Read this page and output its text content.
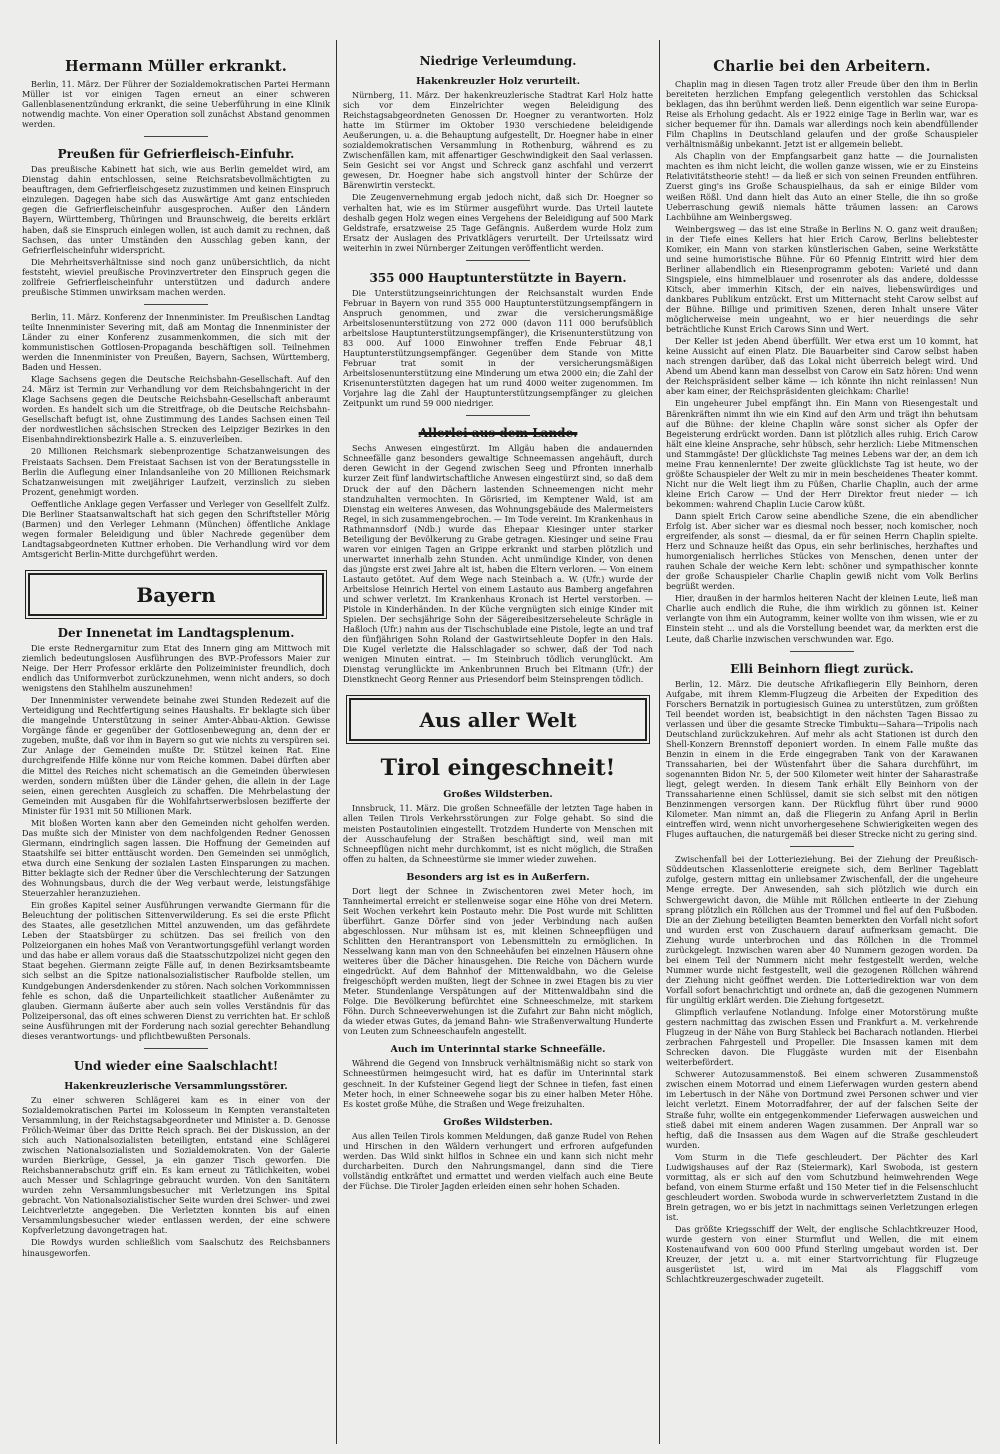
Hermann Müller erkrankt.

Berlin, 11. März. Der Führer der Sozialdemokratischen Partei Hermann Müller ist vor einigen Tagen erneut an einer schweren Gallenblasenentzündung erkrankt, die seine Ueberführung in eine Klinik notwendig machte. Von einer Operation soll zunächst Abstand genommen werden.

Preußen für Gefrierfleisch-Einfuhr.

Das preußische Kabinett hat sich, wie aus Berlin gemeldet wird, am Dienstag dahin entschlossen, seine Reichsratsbevollmächtigten zu beauftragen, dem Gefrierfleischgesetz zuzustimmen und keinen Einspruch einzulegen. Dagegen habe sich das Auswärtige Amt ganz entschieden gegen die Gefrierfleischeinfuhr ausgesprochen. Außer den Ländern Bayern, Württemberg, Thüringen und Braunschweig, die bereits erklärt haben, daß sie Einspruch einlegen wollen, ist auch damit zu rechnen, daß Sachsen, das unter Umständen den Ausschlag geben kann, der Gefrierfleischeinfuhr widerspricht.

Die Mehrheitsverhältnisse sind noch ganz unübersichtlich, da nicht feststeht, wieviel preußische Provinzvertreter den Einspruch gegen die zollfreie Gefrierfleischeinfuhr unterstützen und dadurch andere preußische Stimmen unwirksam machen werden.

Berlin, 11. März. Konferenz der Innenminister. Im Preußischen Landtag teilte Innenminister Severing mit, daß am Montag die Innenminister der Länder zu einer Konferenz zusammenkommen, die sich mit der kommunistischen Gottlosen-Propaganda beschäftigen soll. Teilnehmen werden die Innenminister von Preußen, Bayern, Sachsen, Württemberg, Baden und Hessen.

Klage Sachsens gegen die Deutsche Reichsbahn-Gesellschaft. Auf den 24. März ist Termin zur Verhandlung vor dem Reichsbahngericht in der Klage Sachsens gegen die Deutsche Reichsbahn-Gesellschaft anberaumt worden. Es handelt sich um die Streitfrage, ob die Deutsche Reichsbahn-Gesellschaft befugt ist, ohne Zustimmung des Landes Sachsen einen Teil der nordwestlichen sächsischen Strecken des Leipziger Bezirkes in den Eisenbahndirektionsbezirk Halle a. S. einzuverleiben.

20 Millionen Reichsmark siebenprozentige Schatzanweisungen des Freistaats Sachsen. Dem Freistaat Sachsen ist von der Beratungsstelle in Berlin die Auflegung einer Inlandsanleihe von 20 Millionen Reichsmark Schatzanweisungen mit zweijähriger Laufzeit, verzinslich zu sieben Prozent, genehmigt worden.

Oeffentliche Anklage gegen Verfasser und Verleger von Gesellfelt Zulfz. Die Berliner Staatsanwaltschaft hat sich gegen den Schriftsteller Mörig (Barmen) und den Verleger Lehmann (München) öffentliche Anklage wegen formaler Beleidigung und übler Nachrede gegenüber dem Landtagsabgeordneten Kuttner erhoben. Die Verhandlung wird vor dem Amtsgericht Berlin-Mitte durchgeführt werden.

Bayern
Der Innenetat im Landtagsplenum.

Die erste Rednergarnitur zum Etat des Innern ging am Mittwoch mit ziemlich bedeutungslosen Ausführungen des BVP.-Professors Maier zur Neige. Der Herr Professor erklärte den Polizeiminister freundlich, doch endlich das Uniformverbot zurückzunehmen, wenn nicht anders, so doch wenigstens den Stahlhelm auszunehmen!

Der Innenminister verwendete beinahe zwei Stunden Redezeit auf die Verteidigung und Rechtfertigung seines Haushalts. Er beklagte sich über die mangelnde Unterstützung in seiner Amter-Abbau-Aktion. Gewisse Vorgänge fände er gegenüber der Gottlosenbewegung an, denn der er zugeben, mußte, daß vor ihm in Bayern so gut wie nichts zu verspüren sei. Zur Anlage der Gemeinden mußte Dr. Stützel keinen Rat. Eine durchgreifende Hilfe könne nur vom Reiche kommen. Dabei dürften aber die Mittel des Reiches nicht schematisch an die Gemeinden überwiesen werden, sondern müßten über die Länder gehen, die allein in der Lage seien, einen gerechten Ausgleich zu schaffen. Die Mehrbelastung der Gemeinden mit Ausgaben für die Wohlfahrtserwerbslosen bezifferte der Minister für 1931 mit 50 Millionen Mark.

Mit bloßen Worten kann aber den Gemeinden nicht geholfen werden. Das mußte sich der Minister von dem nachfolgenden Redner Genossen Giermann, eindringlich sagen lassen. Die Hoffnung der Gemeinden auf Staatshilfe sei bitter enttäuscht worden. Den Gemeinden sei unmöglich, etwa durch eine Senkung der sozialen Lasten Einsparungen zu machen. Bitter beklagte sich der Redner über die Verschlechterung der Satzungen des Wohnungsbaus, durch die der Weg verbaut werde, leistungsfähige Steuerzahler heranzuziehen.

Ein großes Kapitel seiner Ausführungen verwandte Giermann für die Beleuchtung der politischen Sittenverwilderung. Es sei die erste Pflicht des Staates, alle gesetzlichen Mittel anzuwenden, um das gefährdete Leben der Staatsbürger zu schützen. Das sei freilich von den Polizeiorganen ein hohes Maß von Verantwortungsgefühl verlangt worden und das habe er allem voraus daß die Staatsschutzpolizei nicht gegen den Staat begehen. Giermann zeigte Fälle auf, in denen Bezirksamtsbeamte sich selbst an die Spitze nationalsozialistischer Raufbolde stellen, um Kundgebungen Andersdenkender zu stören. Nach solchen Vorkommnissen fehle es schon, daß die Unparteilichkeit staatlicher Außenämter zu glauben. Giermann äußerte aber auch sein volles Verständnis für das Polizeipersonal, das oft eines schweren Dienst zu verrichten hat. Er schloß seine Ausführungen mit der Forderung nach sozial gerechter Behandlung dieses verantwortungs- und pflichtbewußten Personals.

Und wieder eine Saalschlacht!
Hakenkreuzlerische Versammlungsstörer.

Zu einer schweren Schlägerei kam es in einer von der Sozialdemokratischen Partei im Kolosseum in Kempten veranstalteten Versammlung, in der Reichstagsabgeordneter und Minister a. D. Genosse Frölich-Weimar über das Dritte Reich sprach. Bei der Diskussion, an der sich auch Nationalsozialisten beteiligten, entstand eine Schlägerei zwischen Nationalsozialisten und Sozialdemokraten. Von der Galerie wurden Bierkrüge, Gessel, ja ein ganzer Tisch geworfen. Die Reichsbannerabschutz griff ein. Es kam erneut zu Tätlichkeiten, wobei auch Messer und Schlagringe gebraucht wurden. Von den Sanitätern wurden zehn Versammlungsbesucher mit Verletzungen ins Spital gebracht. Von Nationalsozialistischer Seite wurden drei Schwer- und zwei Leichtverletzte angegeben. Die Verletzten konnten bis auf einen Versammlungsbesucher wieder entlassen werden, der eine schwere Kopfverletzung davongetragen hat.

Die Rowdys wurden schließlich vom Saalschutz des Reichsbanners hinausgeworfen.

Niedrige Verleumdung.
Hakenkreuzler Holz verurteilt.

Nürnberg, 11. März. Der hakenkreuzlerische Stadtrat Karl Holz hatte sich vor dem Einzelrichter wegen Beleidigung des Reichstagsabgeordneten Genossen Dr. Hoegner zu verantworten. Holz hatte im Stürmer im Oktober 1930 verschiedene beleidigende Aeußerungen, u. a. die Behauptung aufgestellt, Dr. Hoegner habe in einer sozialdemokratischen Versammlung in Rothenburg, während es zu Zwischenfällen kam, mit affenartiger Geschwindigkeit den Saal verlassen. Sein Gesicht sei vor Angst und Schreck ganz aschfahl und verzerrt gewesen, Dr. Hoegner habe sich angstvoll hinter der Schürze der Bärenwirtin versteckt.

Die Zeugenvernehmung ergab jedoch nicht, daß sich Dr. Hoegner so verhalten hat, wie es im Stürmer ausgeführt wurde. Das Urteil lautete deshalb gegen Holz wegen eines Vergehens der Beleidigung auf 500 Mark Geldstrafe, ersatzweise 25 Tage Gefängnis. Außerdem wurde Holz zum Ersatz der Auslagen des Privatklägers verurteilt. Der Urteilssatz wird weiterhin in zwei Nürnberger Zeitungen veröffentlicht werden.

355 000 Hauptunterstützte in Bayern.

Die Unterstützungseinrichtungen der Reichsanstalt wurden Ende Februar in Bayern von rund 355 000 Hauptunterstützungsempfängern in Anspruch genommen, und zwar die versicherungsmäßige Arbeitslosenunterstützung von 272 000 (davon 111 000 berufsüblich arbeitslose Hauptunterstützungsempfänger), die Krisenunterstützung von 83 000. Auf 1000 Einwohner treffen Ende Februar 48,1 Hauptunterstützungsempfänger. Gegenüber dem Stande von Mitte Februar trat somit in der versicherungsmäßigen Arbeitslosenunterstützung eine Minderung um etwa 2000 ein; die Zahl der Krisenunterstützten dagegen hat um rund 4000 weiter zugenommen. Im Vorjahre lag die Zahl der Hauptunterstützungsempfänger zu gleichen Zeitpunkt um rund 59 000 niedriger.

Allerlei aus dem Lande.

Sechs Anwesen eingestürzt. Im Allgäu haben die andauernden Schneefälle ganz besonders gewaltige Schneemassen angehäuft, durch deren Gewicht in der Gegend zwischen Seeg und Pfronten innerhalb kurzer Zeit fünf landwirtschaftliche Anwesen eingestürzt sind, so daß dem Druck der auf den Dächern lastenden Schneemengen nicht mehr standzuhalten vermochten. In Görisried, im Kemptener Wald, ist am Dienstag ein weiteres Anwesen, das Wohnungsgebäude des Malermeisters Regel, in sich zusammengebrochen. — Im Tode vereint. Im Krankenhaus in Rathmannsdorf (Ndb.) wurde das Ehepaar Kiesinger unter starker Beteiligung der Bevölkerung zu Grabe getragen. Kiesinger und seine Frau waren vor einigen Tagen an Grippe erkrankt und starben plötzlich und unerwartet innerhalb zehn Stunden. Acht unmündige Kinder, von denen das jüngste erst zwei Jahre alt ist, haben die Eltern verloren. — Von einem Lastauto getötet. Auf dem Wege nach Steinbach a. W. (Ufr.) wurde der Arbeitslose Heinrich Hertel von einem Lastauto aus Bamberg angefahren und schwer verletzt. Im Krankenhaus Kronach ist Hertel verstorben. — Pistole in Kinderhänden. In der Küche vergnügten sich einige Kinder mit Spielen. Der sechsjährige Sohn der Sägereibesitzerseheleute Schrägle in Haßloch (Ufr.) nahm aus der Tischschublade eine Pistole, legte an und traf den fünfjährigen Sohn Roland der Gastwirtsehleute Dopfer in den Hals. Die Kugel verletzte die Halsschlagader so schwer, daß der Tod nach wenigen Minuten eintrat. — Im Steinbruch tödlich verunglückt. Am Dienstag verunglückte im Ankenbrunnen Bruch bei Eltmann (Ufr.) der Dienstknecht Georg Renner aus Priesendorf beim Steinsprengen tödlich.

Aus aller Welt
Tirol eingeschneit!
Großes Wildsterben.

Innsbruck, 11. März. Die großen Schneefälle der letzten Tage haben in allen Teilen Tirols Verkehrsstörungen zur Folge gehabt. So sind die meisten Postautolinien eingestellt. Trotzdem Hunderte von Menschen mit der Ausschaufelung der Straßen beschäftigt sind, weil man mit Schneepflügen nicht mehr durchkommt, ist es nicht möglich, die Straßen offen zu halten, da Schneestürme sie immer wieder zuwehen.

Besonders arg ist es in Außerfern.

Dort liegt der Schnee in Zwischentoren zwei Meter hoch, im Tannheimertal erreicht er stellenweise sogar eine Höhe von drei Metern. Seit Wochen verkehrt kein Postauto mehr. Die Post wurde mit Schlitten überführt. Ganze Dörfer sind von jeder Verbindung nach außen abgeschlossen. Nur mühsam ist es, mit kleinen Schneepflügen und Schlitten den Herantransport von Lebensmitteln zu ermöglichen. In Nesselwang kann man von den Schneehäufen bei einzelnen Häusern ohne weiteres über die Dächer hinausgehen. Die Reiche von Dächern wurde eingedrückt. Auf dem Bahnhof der Mittenwaldbahn, wo die Geleise freigeschöpft werden mußten, liegt der Schnee in zwei Etagen bis zu vier Meter. Stundenlange Verspätungen auf der Mittenwaldbahn sind die Folge. Die Bevölkerung befürchtet eine Schneeschmelze, mit starkem Föhn. Durch Schneeverwehungen ist die Zufahrt zur Bahn nicht möglich, da wieder etwas Gutes, da jemand Bahn- wie Straßenverwaltung Hunderte von Leuten zum Schneeschaufeln angestellt.

Auch im Unterinntal starke Schneefälle.

Während die Gegend von Innsbruck verhältnismäßig nicht so stark von Schneestürmen heimgesucht wird, hat es dafür im Unterinntal stark geschneit. In der Kufsteiner Gegend liegt der Schnee in tiefen, fast einen Meter hoch, in einer Schneewehe sogar bis zu einer halben Meter Höhe. Es kostet große Mühe, die Straßen und Wege freizuhalten.

Großes Wildsterben.

Aus allen Teilen Tirols kommen Meldungen, daß ganze Rudel von Rehen und Hirschen in den Wäldern verhungert und erfroren aufgefunden werden. Das Wild sinkt hilflos in Schnee ein und kann sich nicht mehr durcharbeiten. Durch den Nahrungsmangel, dann sind die Tiere vollständig entkräftet und ermattet und werden vielfach auch eine Beute der Füchse. Die Tiroler Jagden erleiden einen sehr hohen Schaden.

Charlie bei den Arbeitern.

Chaplin mag in diesen Tagen trotz aller Freude über den ihm in Berlin bereiteten herzlichen Empfang gelegentlich verstohlen das Schicksal beklagen, das ihn berühmt werden ließ. Denn eigentlich war seine Europa-Reise als Erholung gedacht. Als er 1922 einige Tage in Berlin war, war es sicher bequemer für ihn. Damals war allerdings noch kein abendfüllender Film Chaplins in Deutschland gelaufen und der große Schauspieler verhältnismäßig unbekannt. Jetzt ist er allgemein beliebt.

Als Chaplin von der Empfangsarbeit ganz hatte — die Journalisten machten es ihm nicht leicht, die wollen ganze wissen, wie er zu Einsteins Relativitätstheorie steht! — da ließ er sich von seinen Freunden entführen. Zuerst ging's ins Große Schauspielhaus, da sah er einige Bilder vom weißen Rößl. Und dann hielt das Auto an einer Stelle, die ihn so große Ueberraschung gewiß niemals hätte träumen lassen: an Carows Lachbühne am Weinbergsweg.

Weinbergsweg — das ist eine Straße in Berlins N. O. ganz weit draußen; in der Tiefe eines Kellers hat hier Erich Carow, Berlins beliebtester Komiker, ein Mann von starken künstlerischen Gaben, seine Werkstätte und seine humoristische Bühne. Für 60 Pfennig Eintritt wird hier dem Berliner allabendlich ein Riesenprogramm geboten: Varieté und dann Singspiele, eins himmelblauer und rosenroter als das andere, doldessse Kitsch, aber immerhin Kitsch, der ein naives, liebenswürdiges und dankbares Publikum entzückt. Erst um Mitternacht steht Carow selbst auf der Bühne. Billige und primitiven Szenen, deren Inhalt unsere Väter möglicherweise mein ungeahnt, wo er hier neuerdings die sehr beträchtliche Kunst Erich Carows Sinn und Wert.

Der Keller ist jeden Abend überfüllt. Wer etwa erst um 10 kommt, hat keine Aussicht auf einen Platz. Die Bauarbeiter sind Carow selbst haben nach strengen darüber, daß das Lokal nicht überreich belegt wird. Und Abend um Abend kann man desselbst von Carow ein Satz hören: Und wenn der Reichspräsident selber käme — ich könnte ihn nicht reinlassen! Nun aber kam einer, der Reichspräsidenten gleichkam: Charlie!

Ein ungeheurer Jubel empfängt ihn. Ein Mann von Riesengestalt und Bärenkräften nimmt ihn wie ein Kind auf den Arm und trägt ihn behutsam auf die Bühne: der kleine Chaplin wäre sonst sicher als Opfer der Begeisterung erdrückt worden. Dann ist plötzlich alles ruhig. Erich Carow hält eine kleine Ansprache, sehr hübsch, sehr herzlich: Liebe Mitmenschen und Stammgäste! Der glücklichste Tag meines Lebens war der, an dem ich meine Frau kennenlernte! Der zweite glücklichste Tag ist heute, wo der größte Schauspieler der Welt zu mir in mein bescheidenes Theater kommt. Nicht nur die Welt liegt ihm zu Füßen, Charlie Chaplin, auch der arme kleine Erich Carow — Und der Herr Direktor freut nieder — ich bekommen: wahrend Chaplin Lucie Carow küßt.

Dann spielt Erich Carow seine abendliche Szene, die ein abendlicher Erfolg ist. Aber sicher war es diesmal noch besser, noch komischer, noch ergreifender, als sonst — diesmal, da er für seinen Herrn Chaplin spielte. Herz und Schnauze heißt das Opus, ein sehr berlinisches, herzhaftes und humorgenialisch herrliches Stückes von Menschen, denen unter der rauhen Schale der weiche Kern lebt: schöner und sympathischer konnte der große Schauspieler Charlie Chaplin gewiß nicht vom Volk Berlins begrüßt werden.

Hier, draußen in der harmlos heiteren Nacht der kleinen Leute, ließ man Charlie auch endlich die Ruhe, die ihm wirklich zu gönnen ist. Keiner verlangte von ihm ein Autogramm, keiner wollte von ihm wissen, wie er zu Einstein steht ... und als die Vorstellung beendet war, da merkten erst die Leute, daß Charlie inzwischen verschwunden war. Ego.

Elli Beinhorn fliegt zurück.

Berlin, 12. März. Die deutsche Afrikafliegerin Elly Beinhorn, deren Aufgabe, mit ihrem Klemm-Flugzeug die Arbeiten der Expedition des Forschers Bernatzik in portugiesisch Guinea zu unterstützen, zum größten Teil beendet worden ist, beabsichtigt in den nächsten Tagen Bissao zu verlassen und über die gesamte Strecke Timbuktu—Sahara—Tripolis nach Deutschland zurückzukehren. Auf mehr als acht Stationen ist durch den Shell-Konzern Brennstoff deponiert worden. In einem Falle mußte das Benzin in einem in die Erde eingegraben Tank von der Karawanen Transsaharien, bei der Wüstenfahrt über die Sahara durchführt, im sogenannten Bidon Nr. 5, der 500 Kilometer weit hinter der Saharastraße liegt, gelegt werden. In diesem Tank erhält Elly Beinhorn von der Transsaharienne einen Schlüssel, damit sie sich selbst mit den nötigen Benzinmengen versorgen kann. Der Rückflug führt über rund 9000 Kilometer. Man nimmt an, daß die Fliegerin zu Anfang April in Berlin eintreffen wird, wenn nicht unvorhergesehene Schwierigkeiten wegen des Fluges auftauchen, die naturgemäß bei dieser Strecke nicht zu gering sind.

Zwischenfall bei der Lotterieziehung. Bei der Ziehung der Preußisch-Süddeutschen Klassenlotterie ereignete sich, dem Berliner Tageblatt zufolge, gestern mittag ein unliebsamer Zwischenfall, der die ungeheure Menge erregte. Der Anwesenden, sah sich plötzlich wie durch ein Schwergewicht davon, die Mühle mit Röllchen entleerte in der Ziehung sprang plötzlich ein Röllchen aus der Trommel und fiel auf den Fußboden. Die an der Ziehung beteiligten Beamten bemerkten den Vorfall nicht sofort und wurden erst von Zuschauern darauf aufmerksam gemacht. Die Ziehung wurde unterbrochen und das Röllchen in die Trommel zurückgelegt. Inzwischen waren aber 40 Nummern gezogen worden. Da bei einem Teil der Nummern nicht mehr festgestellt werden, welche Nummer wurde nicht festgestellt, weil die gezogenen Röllchen während der Ziehung nicht geöffnet werden. Die Lotteriedirektion war von dem Vorfall sofort benachrichtigt und ordnete an, daß die gezogenen Nummern für ungültig erklärt werden. Die Ziehung fortgesetzt.

Glimpflich verlaufene Notlandung. Infolge einer Motorstörung mußte gestern nachmittag das zwischen Essen und Frankfurt a. M. verkehrende Flugzeug in der Nähe von Burg Stahleck bei Bacharach notlanden. Hierbei zerbrachen Fahrgestell und Propeller. Die Insassen kamen mit dem Schrecken davon. Die Fluggäste wurden mit der Eisenbahn weiterbefördert.

Schwerer Autozusammenstoß. Bei einem schweren Zusammenstoß zwischen einem Motorrad und einem Lieferwagen wurden gestern abend im Lebertusch in der Nähe von Dortmund zwei Personen schwer und vier leicht verletzt. Einem Motorradfahrer, der auf der falschen Seite der Straße fuhr, wollte ein entgegenkommender Lieferwagen ausweichen und stieß dabei mit einem anderen Wagen zusammen. Der Anprall war so heftig, daß die Insassen aus dem Wagen auf die Straße geschleudert wurden.

Vom Sturm in die Tiefe geschleudert. Der Pächter des Karl Ludwigshauses auf der Raz (Steiermark), Karl Swoboda, ist gestern vormittag, als er sich auf den vom Schutzbund heimwehrenden Wege befand, von einem Sturme erfaßt und 150 Meter tief in die Felsenschlucht geschleudert worden. Swoboda wurde in schwerverletztem Zustand in die Brein getragen, wo er bis jetzt in nachmittags seinen Verletzungen erlegen ist.

Das größte Kriegsschiff der Welt, der englische Schlachtkreuzer Hood, wurde gestern von einer Sturmflut und Wellen, die mit einem Kostenaufwand von 600 000 Pfund Sterling umgebaut worden ist. Der Kreuzer, der jetzt u. a. mit einer Startvorrichtung für Flugzeuge ausgerüstet ist, wird im Mai als Flaggschiff vom Schlachtkreuzergeschwader zugeteilt.
